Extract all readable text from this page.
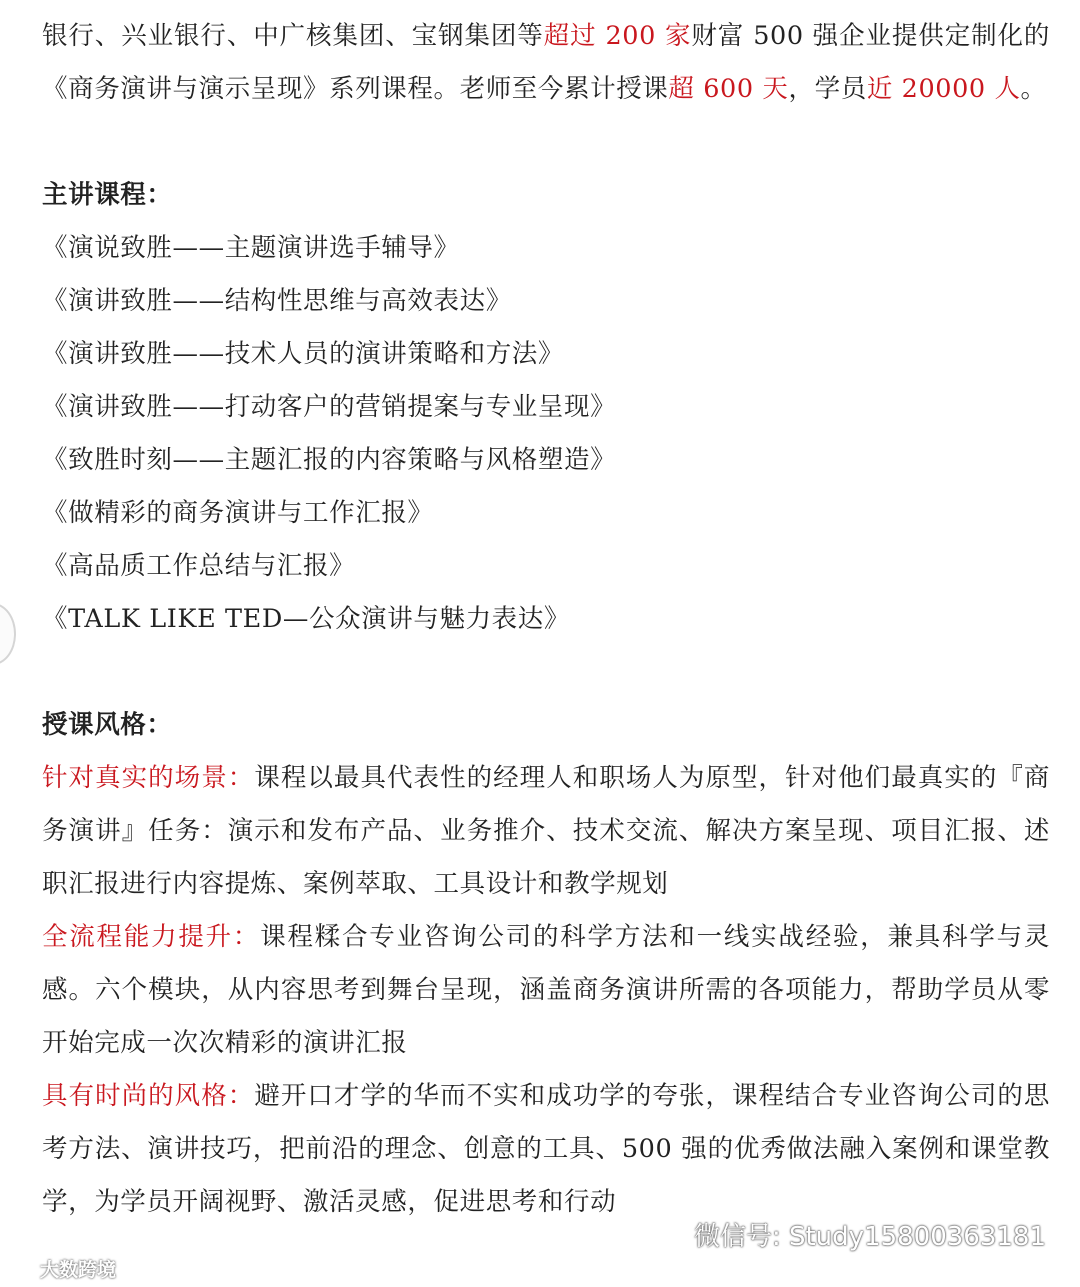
银行、兴业银行、中广核集团、宝钢集团等超过 200 家财富 500 强企业提供定制化的《商务演讲与演示呈现》系列课程。老师至今累计授课超 600 天，学员近 20000 人。

主讲课程：

《演说致胜——主题演讲选手辅导》

《演讲致胜——结构性思维与高效表达》

《演讲致胜——技术人员的演讲策略和方法》

《演讲致胜——打动客户的营销提案与专业呈现》

《致胜时刻——主题汇报的内容策略与风格塑造》

《做精彩的商务演讲与工作汇报》

《高品质工作总结与汇报》

《TALK LIKE TED—公众演讲与魅力表达》

授课风格：

针对真实的场景：课程以最具代表性的经理人和职场人为原型，针对他们最真实的『商务演讲』任务：演示和发布产品、业务推介、技术交流、解决方案呈现、项目汇报、述职汇报进行内容提炼、案例萃取、工具设计和教学规划

全流程能力提升：课程糅合专业咨询公司的科学方法和一线实战经验，兼具科学与灵感。六个模块，从内容思考到舞台呈现，涵盖商务演讲所需的各项能力，帮助学员从零开始完成一次次精彩的演讲汇报

具有时尚的风格：避开口才学的华而不实和成功学的夸张，课程结合专业咨询公司的思考方法、演讲技巧，把前沿的理念、创意的工具、500 强的优秀做法融入案例和课堂教学，为学员开阔视野、激活灵感，促进思考和行动

大数跨境
微信号: Study15800363181
